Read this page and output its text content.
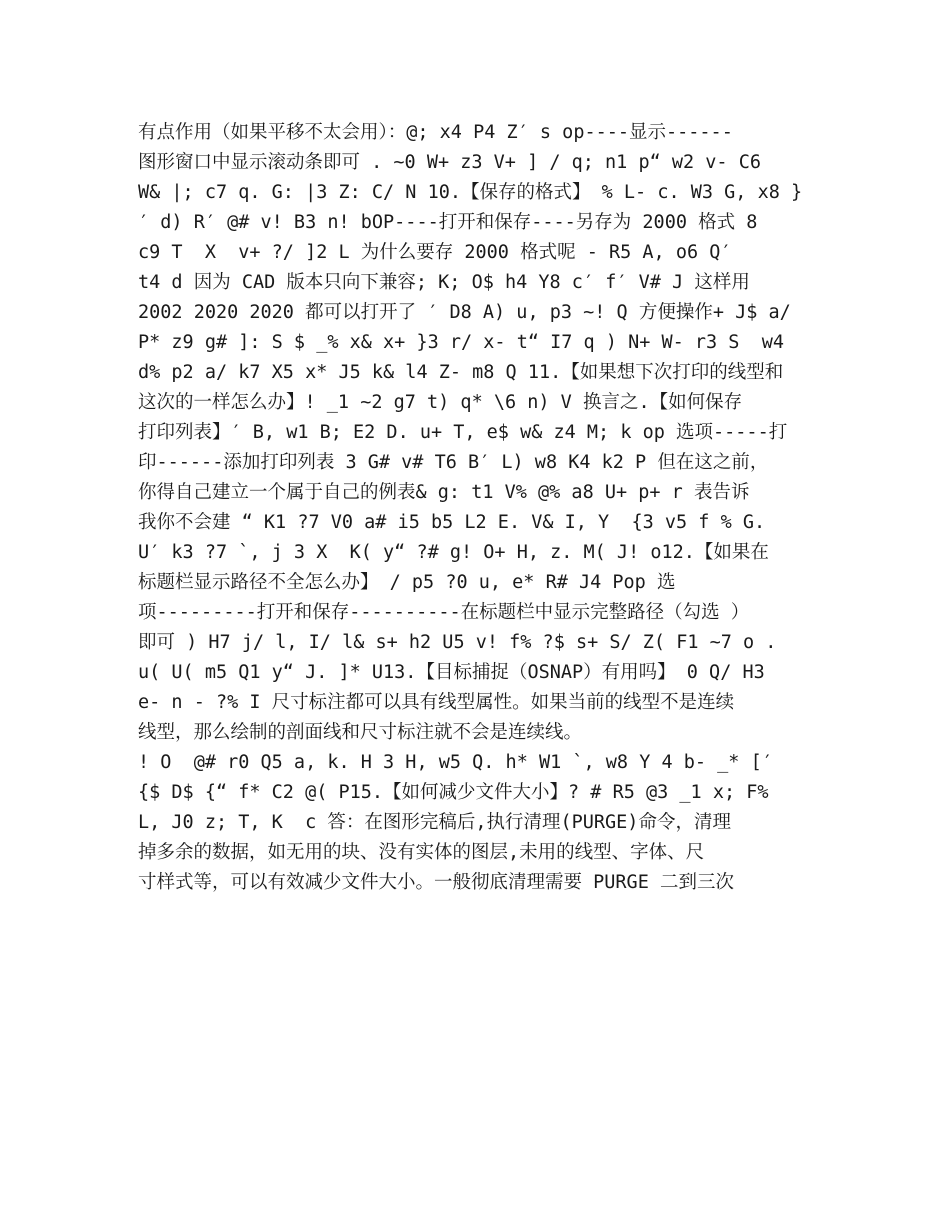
有点作用（如果平移不太会用）：@; x4 P4 Z′ s op----显示------
图形窗口中显示滚动条即可 . ~0 W+ z3 V+ ] / q; n1 p“ w2 v- C6
W& |; c7 q. G: |3 Z: C/ N 10.【保存的格式】 % L- c. W3 G, x8 }
′ d) R′ @# v! B3 n! bOP----打开和保存----另存为 2000 格式 8
c9 T  X  v+ ?/ ]2 L 为什么要存 2000 格式呢 - R5 A, o6 Q′
t4 d 因为 CAD 版本只向下兼容; K; O$ h4 Y8 c′ f′ V# J 这样用
2002 2020 2020 都可以打开了 ′ D8 A) u, p3 ~! Q 方便操作+ J$ a/
P* z9 g# ]: S $ _% x& x+ }3 r/ x- t“ I7 q ) N+ W- r3 S  w4
d% p2 a/ k7 X5 x* J5 k& l4 Z- m8 Q 11.【如果想下次打印的线型和
这次的一样怎么办】! _1 ~2 g7 t) q* \6 n) V 换言之.【如何保存
打印列表】′ B, w1 B; E2 D. u+ T, e$ w& z4 M; k op 选项-----打
印------添加打印列表 3 G# v# T6 B′ L) w8 K4 k2 P 但在这之前，
你得自己建立一个属于自己的例表& g: t1 V% @% a8 U+ p+ r 表告诉
我你不会建 “ K1 ?7 V0 a# i5 b5 L2 E. V& I, Y  {3 v5 f % G.
U′ k3 ?7 `, j 3 X  K( y“ ?# g! O+ H, z. M( J! o12.【如果在
标题栏显示路径不全怎么办】 / p5 ?0 u, e* R# J4 Pop 选
项---------打开和保存----------在标题栏中显示完整路径（勾选 ）
即可 ) H7 j/ l, I/ l& s+ h2 U5 v! f% ?$ s+ S/ Z( F1 ~7 o .
u( U( m5 Q1 y“ J. ]* U13.【目标捕捉（OSNAP）有用吗】 0 Q/ H3
e- n - ?% I 尺寸标注都可以具有线型属性。如果当前的线型不是连续
线型，那么绘制的剖面线和尺寸标注就不会是连续线。
! O  @# r0 Q5 a, k. H 3 H, w5 Q. h* W1 `, w8 Y 4 b- _* [′
{$ D$ {“ f* C2 @( P15.【如何减少文件大小】? # R5 @3 _1 x; F%
L, J0 z; T, K  c 答：在图形完稿后,执行清理(PURGE)命令，清理
掉多余的数据，如无用的块、没有实体的图层,未用的线型、字体、尺
寸样式等，可以有效减少文件大小。一般彻底清理需要 PURGE 二到三次
